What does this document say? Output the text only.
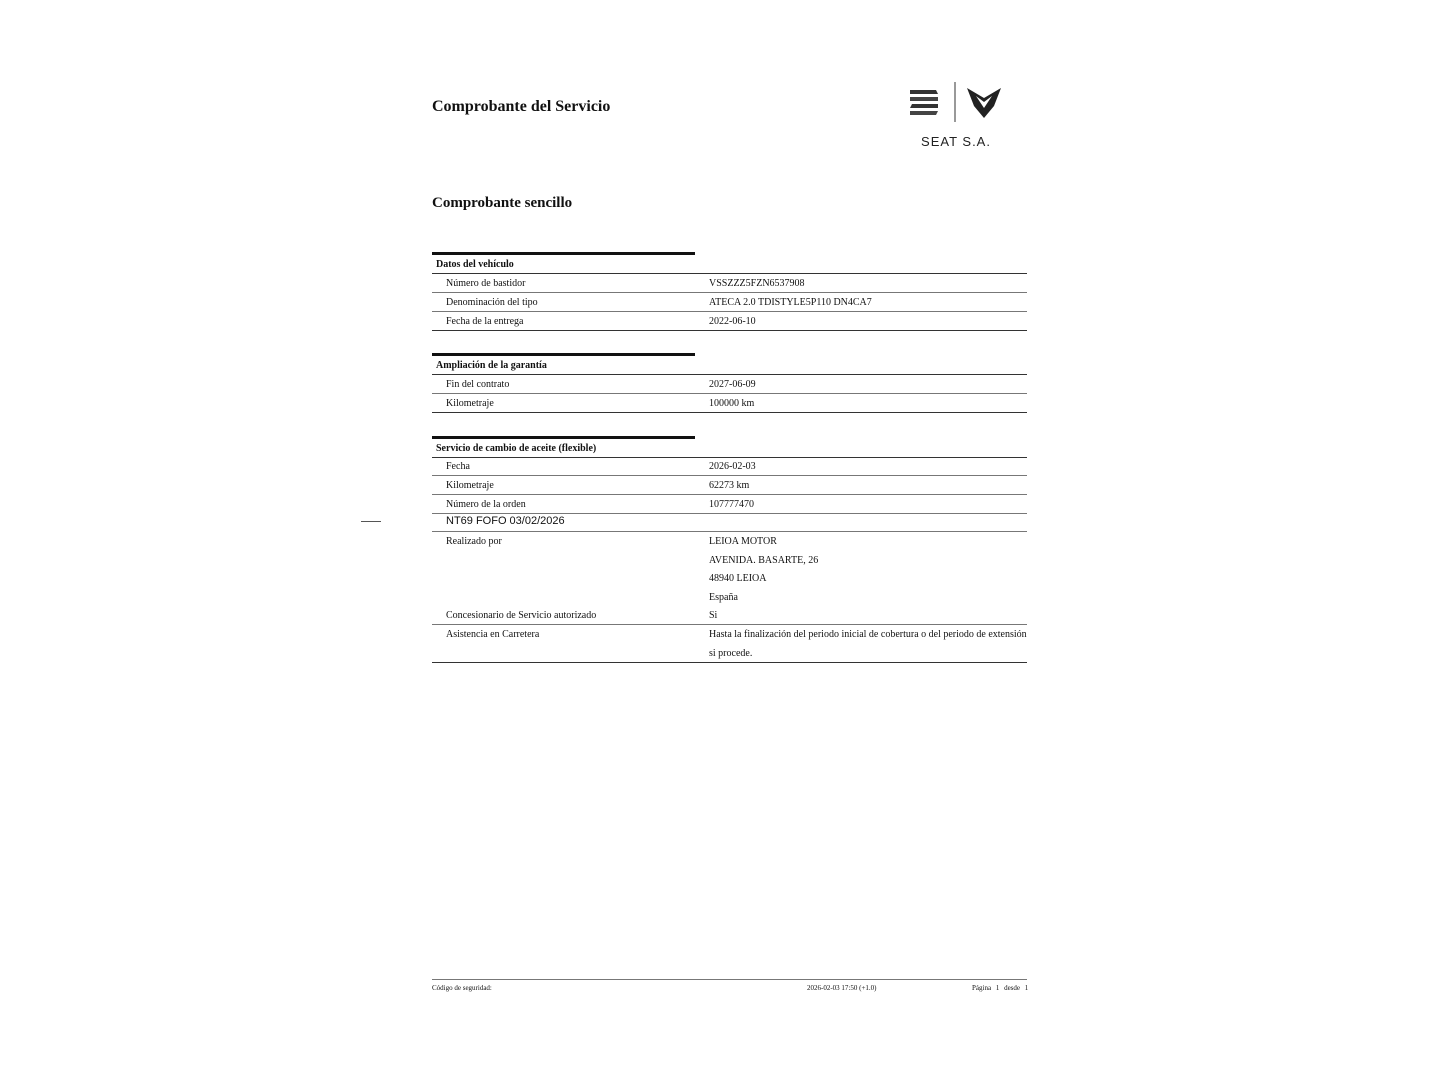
Comprobante del Servicio
SEAT S.A.
Comprobante sencillo
Datos del vehículo
Número de bastidor	VSSZZZ5FZN6537908
Denominación del tipo	ATECA 2.0 TDISTYLE5P110 DN4CA7
Fecha de la entrega	2022-06-10
Ampliación de la garantía
Fin del contrato	2027-06-09
Kilometraje	100000 km
Servicio de cambio de aceite (flexible)
Fecha	2026-02-03
Kilometraje	62273 km
Número de la orden	107777470
NT69 FOFO 03/02/2026
Realizado por	LEIOA MOTOR
AVENIDA. BASARTE, 26
48940 LEIOA
España
Concesionario de Servicio autorizado	Si
Asistencia en Carretera	Hasta la finalización del periodo inicial de cobertura o del periodo de extensión
si procede.
Código de seguridad:	2026-02-03 17:50 (+1.0)	Página 1 desde 1
